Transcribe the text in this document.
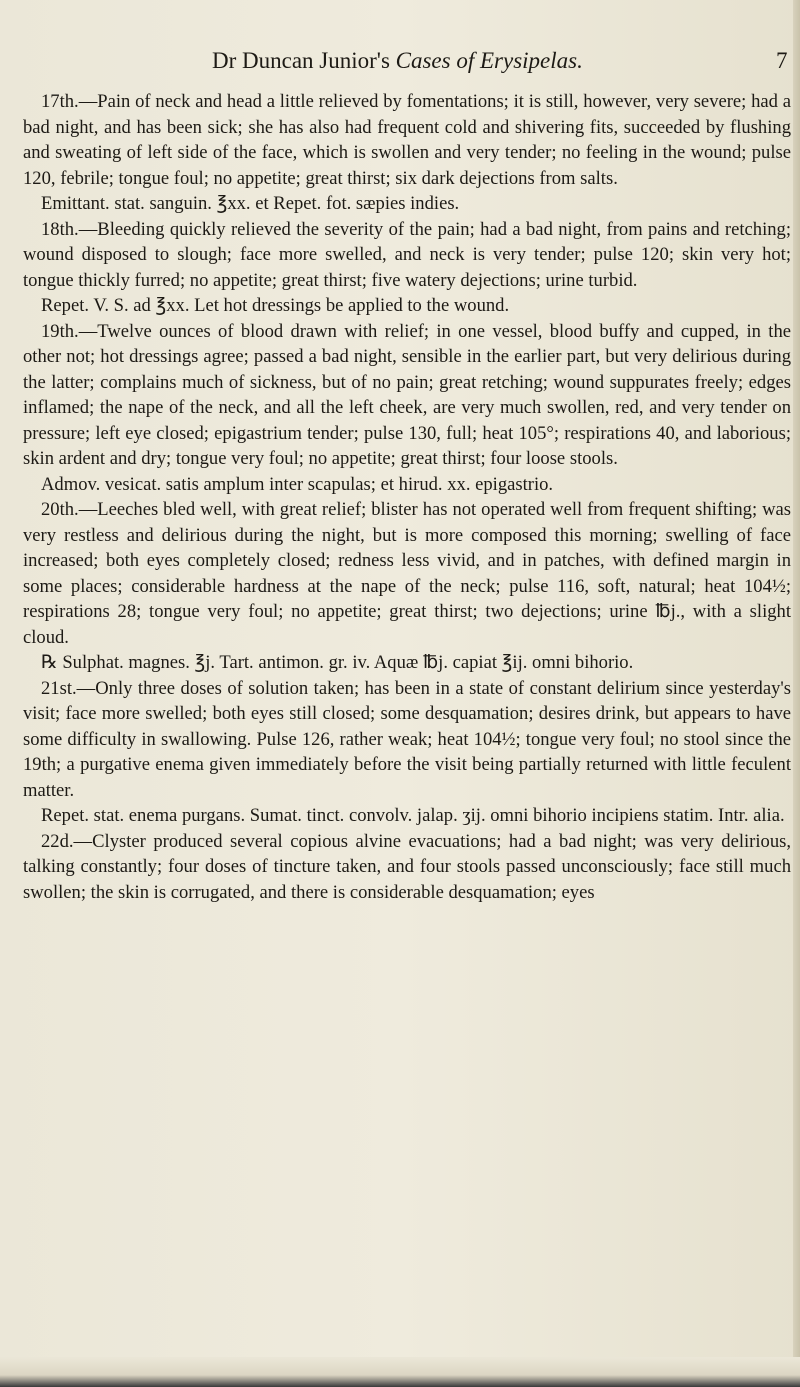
Dr Duncan Junior's Cases of Erysipelas.	7

17th.—Pain of neck and head a little relieved by fomentations; it is still, however, very severe; had a bad night, and has been sick; she has also had frequent cold and shivering fits, succeeded by flushing and sweating of left side of the face, which is swollen and very tender; no feeling in the wound; pulse 120, febrile; tongue foul; no appetite; great thirst; six dark dejections from salts.

Emittant. stat. sanguin. ℥xx. et Repet. fot. sæpies indies.

18th.—Bleeding quickly relieved the severity of the pain; had a bad night, from pains and retching; wound disposed to slough; face more swelled, and neck is very tender; pulse 120; skin very hot; tongue thickly furred; no appetite; great thirst; five watery dejections; urine turbid.

Repet. V. S. ad ℥xx. Let hot dressings be applied to the wound.

19th.—Twelve ounces of blood drawn with relief; in one vessel, blood buffy and cupped, in the other not; hot dressings agree; passed a bad night, sensible in the earlier part, but very delirious during the latter; complains much of sickness, but of no pain; great retching; wound suppurates freely; edges inflamed; the nape of the neck, and all the left cheek, are very much swollen, red, and very tender on pressure; left eye closed; epigastrium tender; pulse 130, full; heat 105°; respirations 40, and laborious; skin ardent and dry; tongue very foul; no appetite; great thirst; four loose stools.

Admov. vesicat. satis amplum inter scapulas; et hirud. xx. epigastrio.

20th.—Leeches bled well, with great relief; blister has not operated well from frequent shifting; was very restless and delirious during the night, but is more composed this morning; swelling of face increased; both eyes completely closed; redness less vivid, and in patches, with defined margin in some places; considerable hardness at the nape of the neck; pulse 116, soft, natural; heat 104½; respirations 28; tongue very foul; no appetite; great thirst; two dejections; urine ℔j., with a slight cloud.

℞ Sulphat. magnes. ℥j. Tart. antimon. gr. iv. Aquæ ℔j. capiat ℥ij. omni bihorio.

21st.—Only three doses of solution taken; has been in a state of constant delirium since yesterday's visit; face more swelled; both eyes still closed; some desquamation; desires drink, but appears to have some difficulty in swallowing. Pulse 126, rather weak; heat 104½; tongue very foul; no stool since the 19th; a purgative enema given immediately before the visit being partially returned with little feculent matter.

Repet. stat. enema purgans. Sumat. tinct. convolv. jalap. ʒij. omni bihorio incipiens statim. Intr. alia.

22d.—Clyster produced several copious alvine evacuations; had a bad night; was very delirious, talking constantly; four doses of tincture taken, and four stools passed unconsciously; face still much swollen; the skin is corrugated, and there is considerable desquamation; eyes
